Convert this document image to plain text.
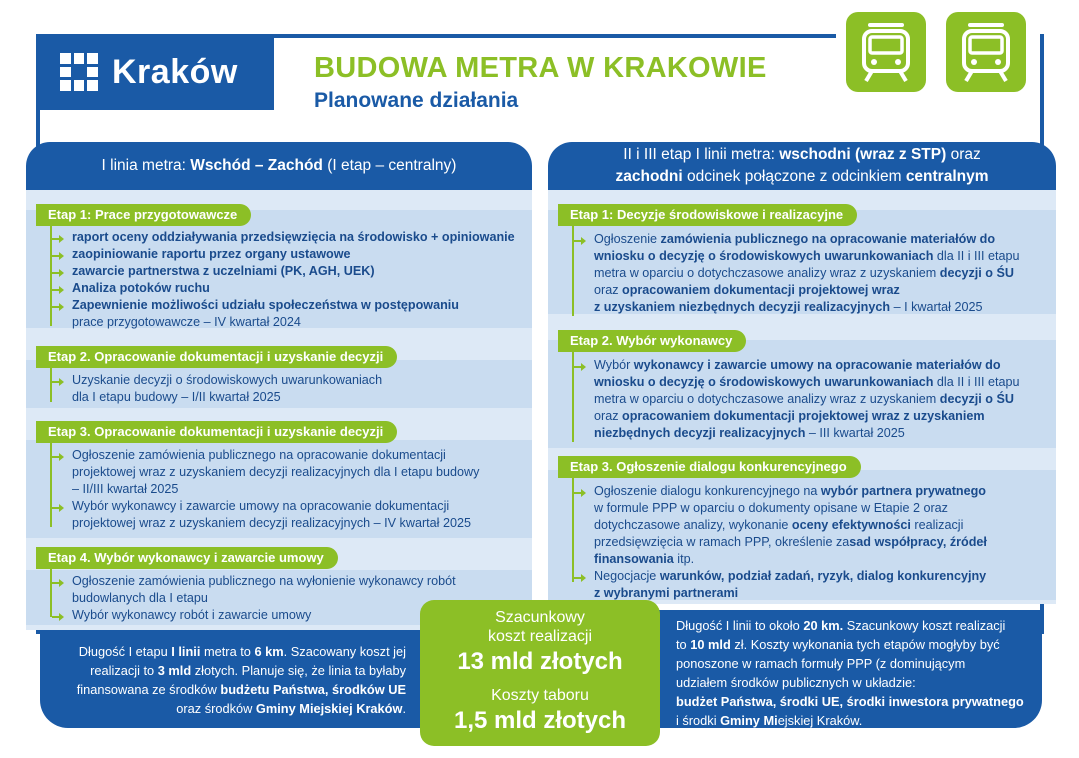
Kraków	BUDOWA METRA W KRAKOWIE
Planowane działania
I linia metra: Wschód – Zachód (I etap – centralny)
Etap 1: Prace przygotowawcze
raport oceny oddziaływania przedsięwzięcia na środowisko + opiniowanie
zaopiniowanie raportu przez organy ustawowe
zawarcie partnerstwa z uczelniami (PK, AGH, UEK)
Analiza potoków ruchu
Zapewnienie możliwości udziału społeczeństwa w postępowaniu
prace przygotowawcze – IV kwartał 2024
Etap 2. Opracowanie dokumentacji i uzyskanie decyzji
Uzyskanie decyzji o środowiskowych uwarunkowaniach
dla I etapu budowy – I/II kwartał 2025
Etap 3. Opracowanie dokumentacji i uzyskanie decyzji
Ogłoszenie zamówienia publicznego na opracowanie dokumentacji
projektowej wraz z uzyskaniem decyzji realizacyjnych dla I etapu budowy
– II/III kwartał 2025
Wybór wykonawcy i zawarcie umowy na opracowanie dokumentacji
projektowej wraz z uzyskaniem decyzji realizacyjnych – IV kwartał 2025
Etap 4. Wybór wykonawcy i zawarcie umowy
Ogłoszenie zamówienia publicznego na wyłonienie wykonawcy robót
budowlanych dla I etapu
Wybór wykonawcy robót i zawarcie umowy
II i III etap I linii metra: wschodni (wraz z STP) oraz
zachodni odcinek połączone z odcinkiem centralnym
Etap 1: Decyzje środowiskowe i realizacyjne
Ogłoszenie zamówienia publicznego na opracowanie materiałów do
wniosku o decyzję o środowiskowych uwarunkowaniach dla II i III etapu
metra w oparciu o dotychczasowe analizy wraz z uzyskaniem decyzji o ŚU
oraz opracowaniem dokumentacji projektowej wraz
z uzyskaniem niezbędnych decyzji realizacyjnych – I kwartał 2025
Etap 2. Wybór wykonawcy
Wybór wykonawcy i zawarcie umowy na opracowanie materiałów do
wniosku o decyzję o środowiskowych uwarunkowaniach dla II i III etapu
metra w oparciu o dotychczasowe analizy wraz z uzyskaniem decyzji o ŚU
oraz opracowaniem dokumentacji projektowej wraz z uzyskaniem
niezbędnych decyzji realizacyjnych – III kwartał 2025
Etap 3. Ogłoszenie dialogu konkurencyjnego
Ogłoszenie dialogu konkurencyjnego na wybór partnera prywatnego
w formule PPP w oparciu o dokumenty opisane w Etapie 2 oraz
dotychczasowe analizy, wykonanie oceny efektywności realizacji
przedsięwzięcia w ramach PPP, określenie zasad współpracy, źródeł
finansowania itp.
Negocjacje warunków, podział zadań, ryzyk, dialog konkurencyjny
z wybranymi partnerami
Długość I etapu I linii metra to 6 km. Szacowany koszt jej
realizacji to 3 mld złotych. Planuje się, że linia ta byłaby
finansowana ze środków budżetu Państwa, środków UE
oraz środków Gminy Miejskiej Kraków.
Długość I linii to około 20 km. Szacunkowy koszt realizacji
to 10 mld zł. Koszty wykonania tych etapów mogłyby być
ponoszone w ramach formuły PPP (z dominującym
udziałem środków publicznych w układzie:
budżet Państwa, środki UE, środki inwestora prywatnego
i środki Gminy Miejskiej Kraków.
Szacunkowy
koszt realizacji
13 mld złotych
Koszty taboru
1,5 mld złotych
